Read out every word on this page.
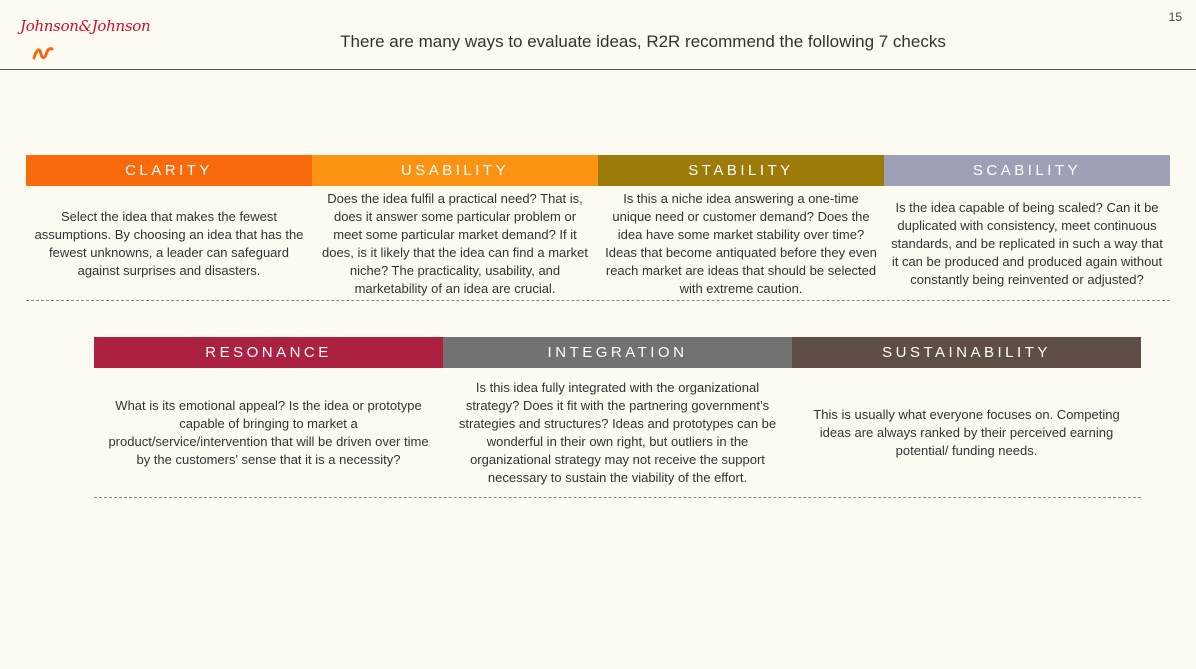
Johnson&Johnson
There are many ways to evaluate ideas, R2R recommend the following 7 checks
15
CLARITY
Select the idea that makes the fewest assumptions. By choosing an idea that has the fewest unknowns, a leader can safeguard against surprises and disasters.
USABILITY
Does the idea fulfil a practical need? That is, does it answer some particular problem or meet some particular market demand? If it does, is it likely that the idea can find a market niche? The practicality, usability, and marketability of an idea are crucial.
STABILITY
Is this a niche idea answering a one-time unique need or customer demand? Does the idea have some market stability over time? Ideas that become antiquated before they even reach market are ideas that should be selected with extreme caution.
SCABILITY
Is the idea capable of being scaled? Can it be duplicated with consistency, meet continuous standards, and be replicated in such a way that it can be produced and produced again without constantly being reinvented or adjusted?
RESONANCE
What is its emotional appeal? Is the idea or prototype capable of bringing to market a product/service/intervention that will be driven over time by the customers' sense that it is a necessity?
INTEGRATION
Is this idea fully integrated with the organizational strategy? Does it fit with the partnering government’s strategies and structures? Ideas and prototypes can be wonderful in their own right, but outliers in the organizational strategy may not receive the support necessary to sustain the viability of the effort.
SUSTAINABILITY
This is usually what everyone focuses on. Competing ideas are always ranked by their perceived earning potential/ funding needs.
